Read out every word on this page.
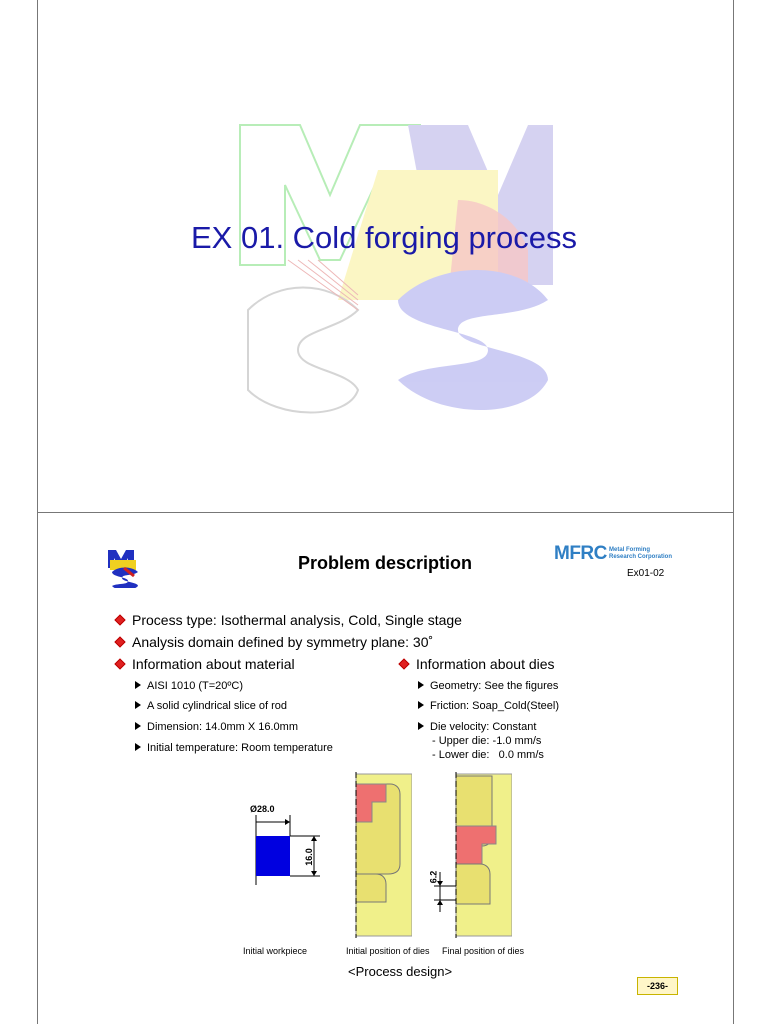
EX 01. Cold forging process
Problem description	MFRC Metal Forming
Research Corporation
Ex01-02
Process type: Isothermal analysis, Cold, Single stage
Analysis domain defined by symmetry plane: 30˚
Information about material	Information about dies
AISI 1010 (T=20ºC)
A solid cylindrical slice of rod
Dimension: 14.0mm X 16.0mm
Initial temperature: Room temperature
Geometry: See the figures
Friction: Soap_Cold(Steel)
Die velocity: Constant
- Upper die: -1.0 mm/s
- Lower die:   0.0 mm/s
Ø28.0
16.0
6.2
Initial workpiece	Initial position of dies Final position of dies
<Process design>
-236-
